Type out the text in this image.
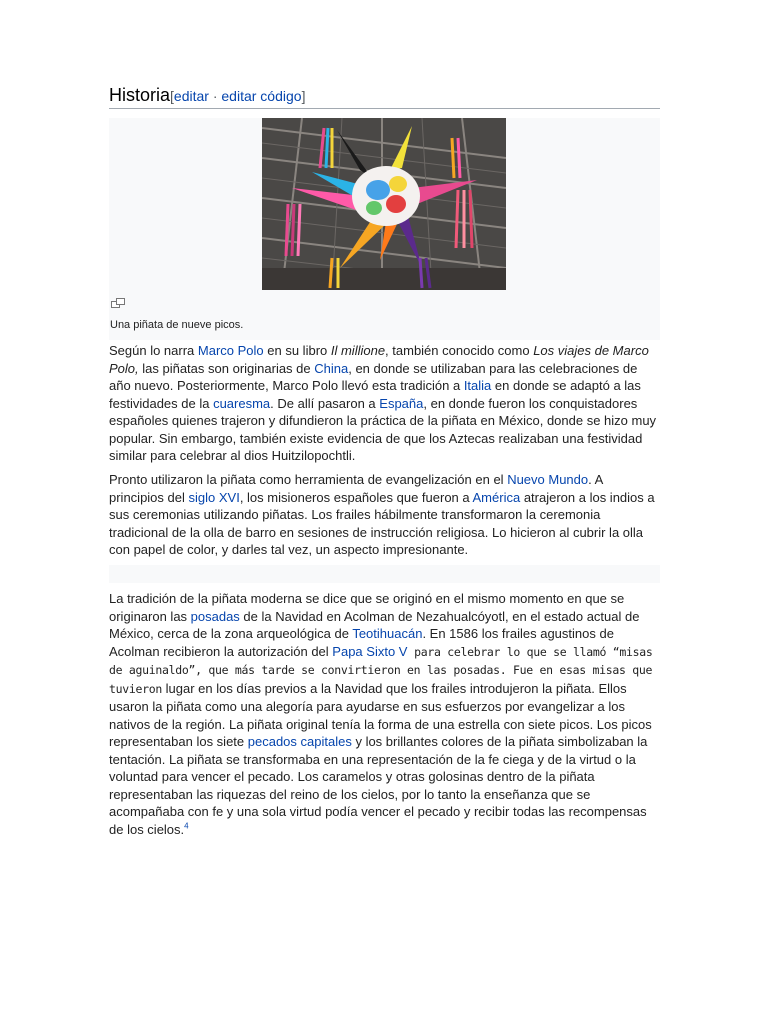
Historia[editar · editar código]
Una piñata de nueve picos.

Según lo narra Marco Polo en su libro Il millione, también conocido como Los viajes de Marco Polo, las piñatas son originarias de China, en donde se utilizaban para las celebraciones de año nuevo. Posteriormente, Marco Polo llevó esta tradición a Italia en donde se adaptó a las festividades de la cuaresma. De allí pasaron a España, en donde fueron los conquistadores españoles quienes trajeron y difundieron la práctica de la piñata en México, donde se hizo muy popular. Sin embargo, también existe evidencia de que los Aztecas realizaban una festividad similar para celebrar al dios Huitzilopochtli.

Pronto utilizaron la piñata como herramienta de evangelización en el Nuevo Mundo. A principios del siglo XVI, los misioneros españoles que fueron a América atrajeron a los indios a sus ceremonias utilizando piñatas. Los frailes hábilmente transformaron la ceremonia tradicional de la olla de barro en sesiones de instrucción religiosa. Lo hicieron al cubrir la olla con papel de color, y darles tal vez, un aspecto impresionante.

La tradición de la piñata moderna se dice que se originó en el mismo momento en que se originaron las posadas de la Navidad en Acolman de Nezahualcóyotl, en el estado actual de México, cerca de la zona arqueológica de Teotihuacán. En 1586 los frailes agustinos de Acolman recibieron la autorización del Papa Sixto V para celebrar lo que se llamó “misas de aguinaldo”, que más tarde se convirtieron en las posadas. Fue en esas misas que tuvieron lugar en los días previos a la Navidad que los frailes introdujeron la piñata. Ellos usaron la piñata como una alegoría para ayudarse en sus esfuerzos por evangelizar a los nativos de la región. La piñata original tenía la forma de una estrella con siete picos. Los picos representaban los siete pecados capitales y los brillantes colores de la piñata simbolizaban la tentación. La piñata se transformaba en una representación de la fe ciega y de la virtud o la voluntad para vencer el pecado. Los caramelos y otras golosinas dentro de la piñata representaban las riquezas del reino de los cielos, por lo tanto la enseñanza que se acompañaba con fe y una sola virtud podía vencer el pecado y recibir todas las recompensas de los cielos.$^4$
